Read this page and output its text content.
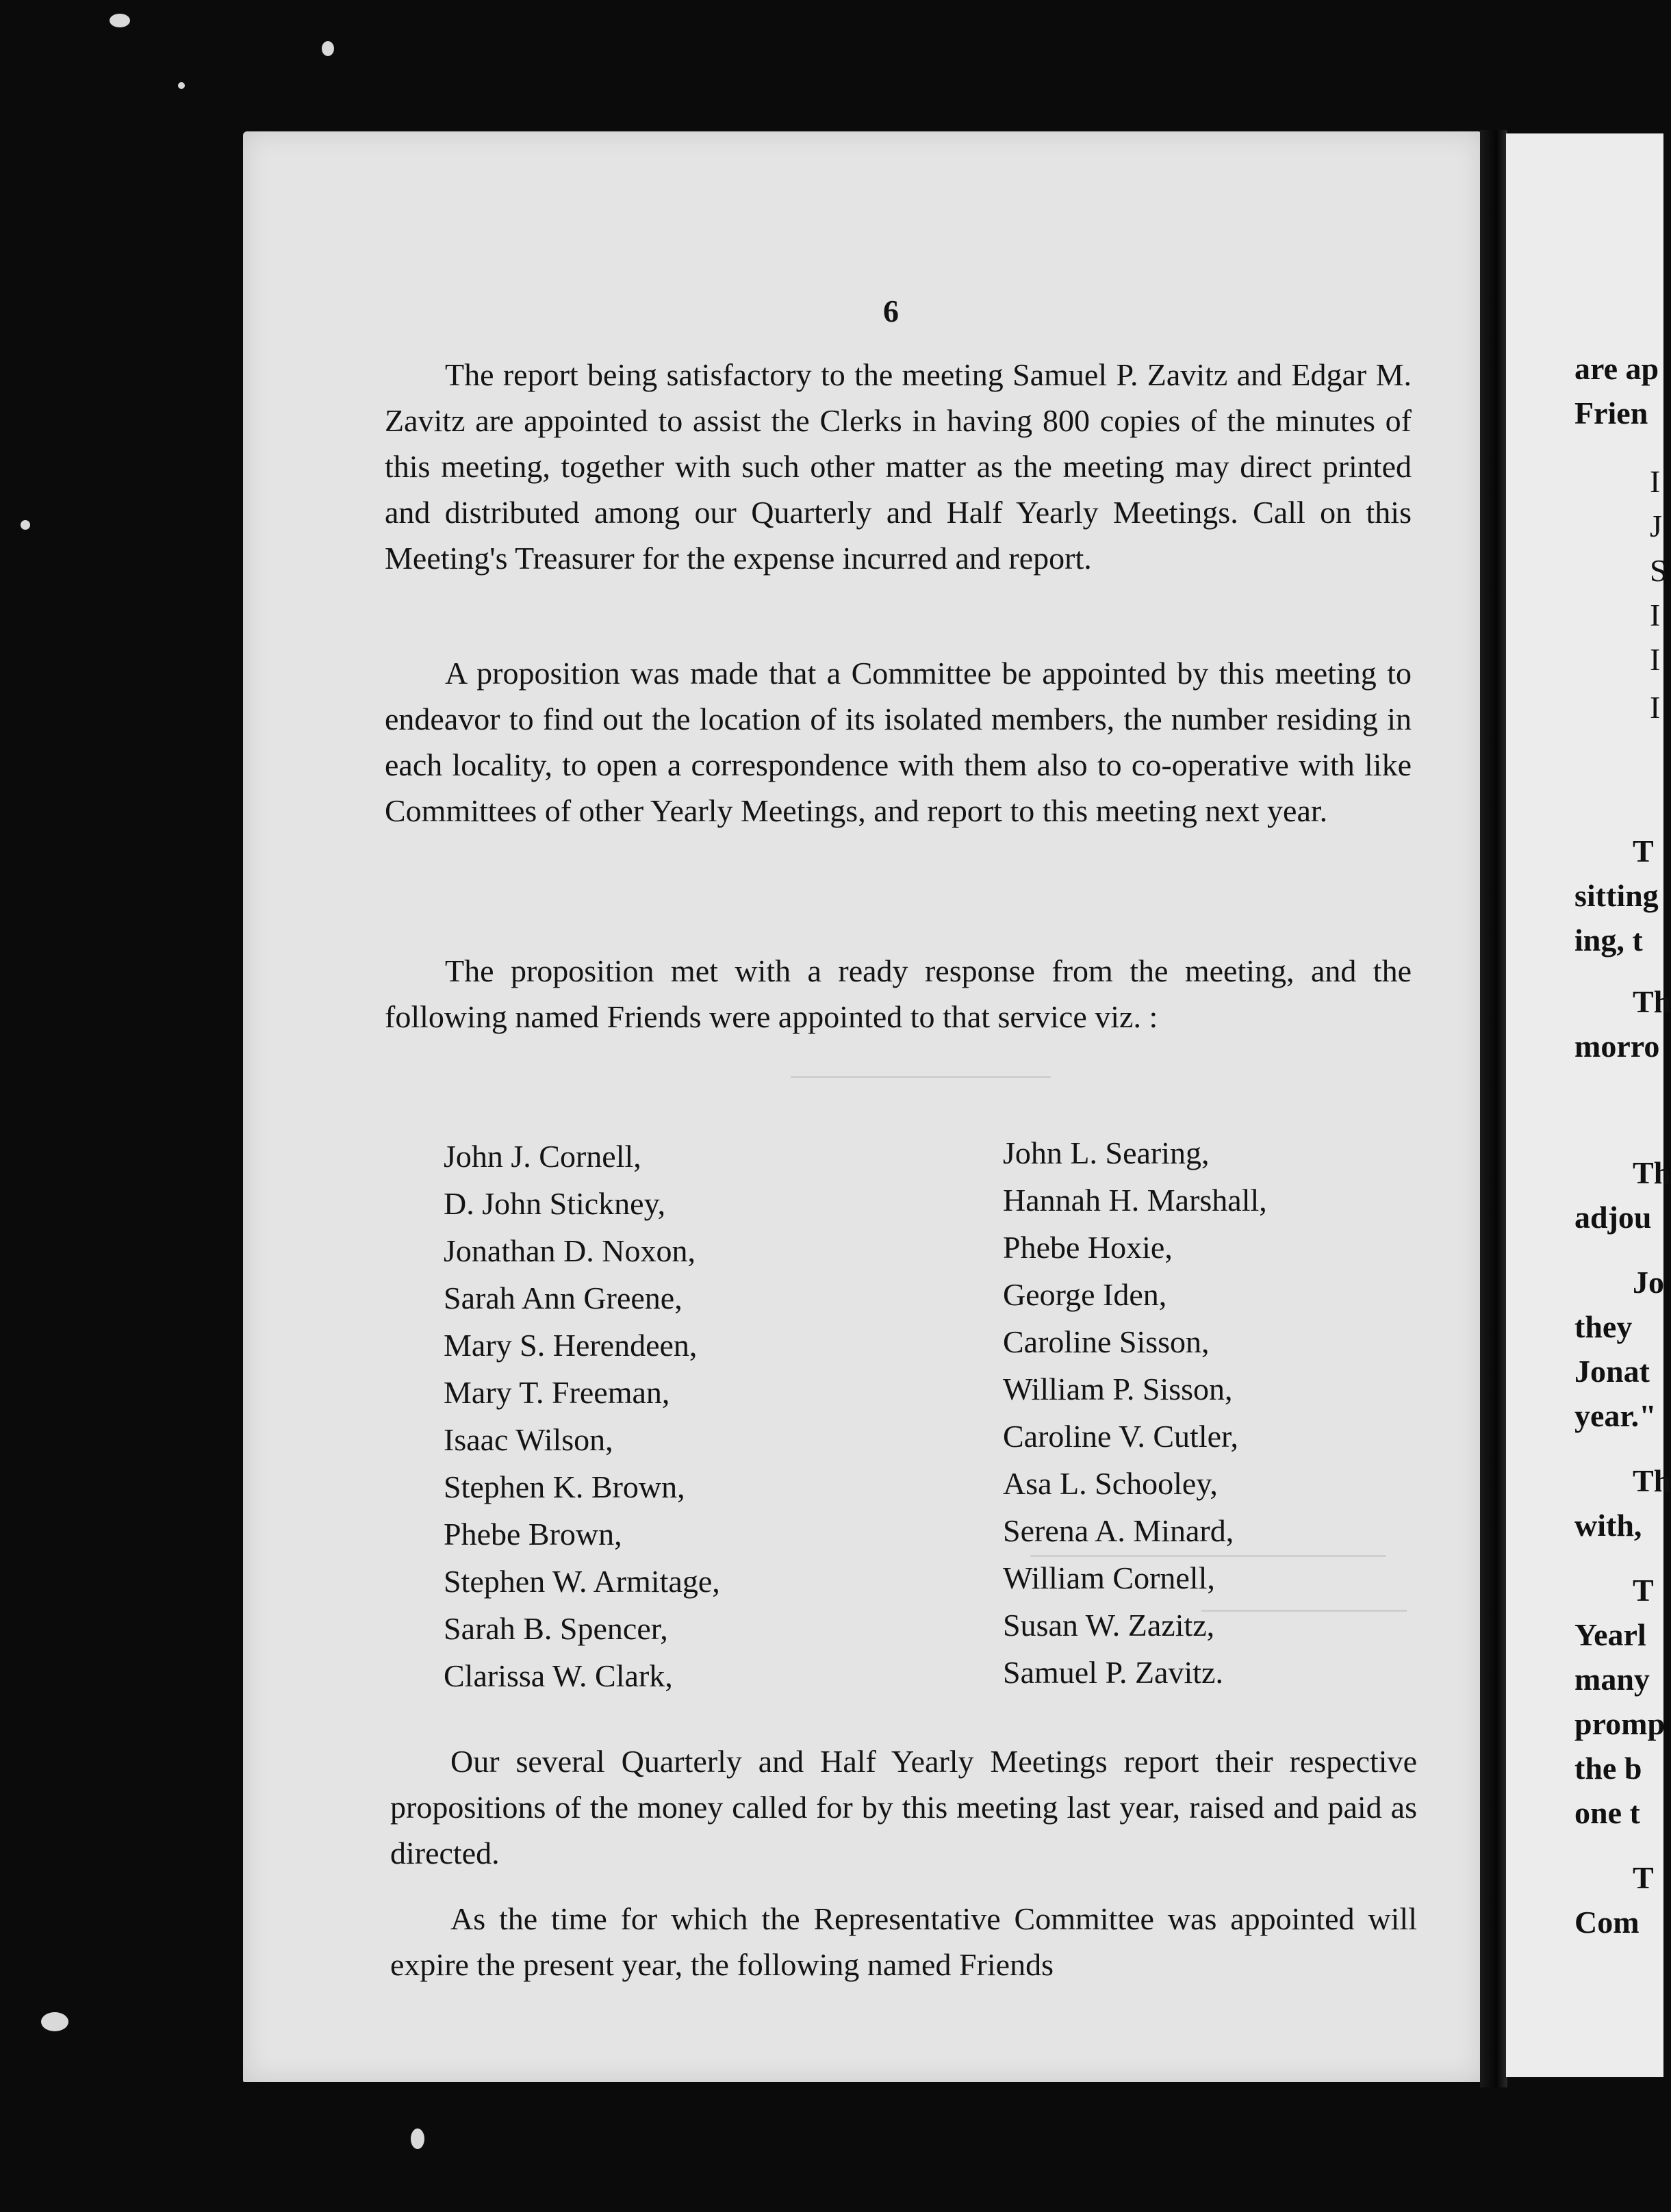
6

The report being satisfactory to the meeting Samuel P. Zavitz and Edgar M. Zavitz are appointed to assist the Clerks in having 800 copies of the minutes of this meeting, together with such other matter as the meeting may direct printed and distributed among our Quarterly and Half Yearly Meetings. Call on this Meeting's Treasurer for the expense incurred and report.

A proposition was made that a Committee be appointed by this meeting to endeavor to find out the location of its isolated members, the number residing in each locality, to open a correspondence with them also to co-operative with like Committees of other Yearly Meetings, and report to this meeting next year.

The proposition met with a ready response from the meeting, and the following named Friends were appointed to that service viz. :

John J. Cornell,
D. John Stickney,
Jonathan D. Noxon,
Sarah Ann Greene,
Mary S. Herendeen,
Mary T. Freeman,
Isaac Wilson,
Stephen K. Brown,
Phebe Brown,
Stephen W. Armitage,
Sarah B. Spencer,
Clarissa W. Clark,
John L. Searing,
Hannah H. Marshall,
Phebe Hoxie,
George Iden,
Caroline Sisson,
William P. Sisson,
Caroline V. Cutler,
Asa L. Schooley,
Serena A. Minard,
William Cornell,
Susan W. Zazitz,
Samuel P. Zavitz.

Our several Quarterly and Half Yearly Meetings report their respective propositions of the money called for by this meeting last year, raised and paid as directed.

As the time for which the Representative Committee was appointed will expire the present year, the following named Friends

are ap
Frien
I
J
S
I
I
I
T
sitting
ing, t
Th
morro
Th
adjou
Jo
they
Jonat
year."
Th
with,
T
Yearl
many
promp
the b
one t
T
Com
